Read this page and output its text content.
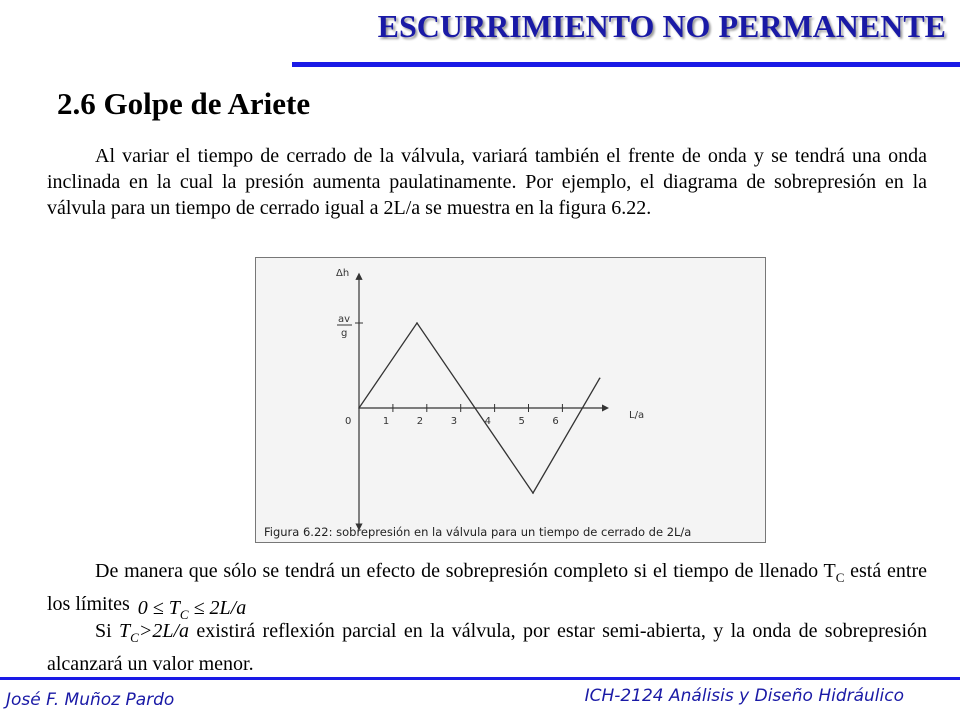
ESCURRIMIENTO NO PERMANENTE
2.6 Golpe de Ariete
Al variar el tiempo de cerrado de la válvula, variará también el frente de onda y se tendrá una onda inclinada en la cual la presión aumenta paulatinamente. Por ejemplo, el diagrama de sobrepresión en la válvula para un tiempo de cerrado igual a 2L/a se muestra en la figura 6.22.
1	2	3	4	5	6
Δh
av
g
0
L/a
Figura 6.22: sobrepresión en la válvula para un tiempo de cerrado de 2L/a
De manera que sólo se tendrá un efecto de sobrepresión completo si el tiempo de llenado $T_C$ está entre los límites $0 \le T_C \le 2L/a$
Si $T_C>2L/a$ existirá reflexión parcial en la válvula, por estar semi-abierta, y la onda de sobrepresión alcanzará un valor menor.
José F. Muñoz Pardo	ICH-2124 Análisis y Diseño Hidráulico
